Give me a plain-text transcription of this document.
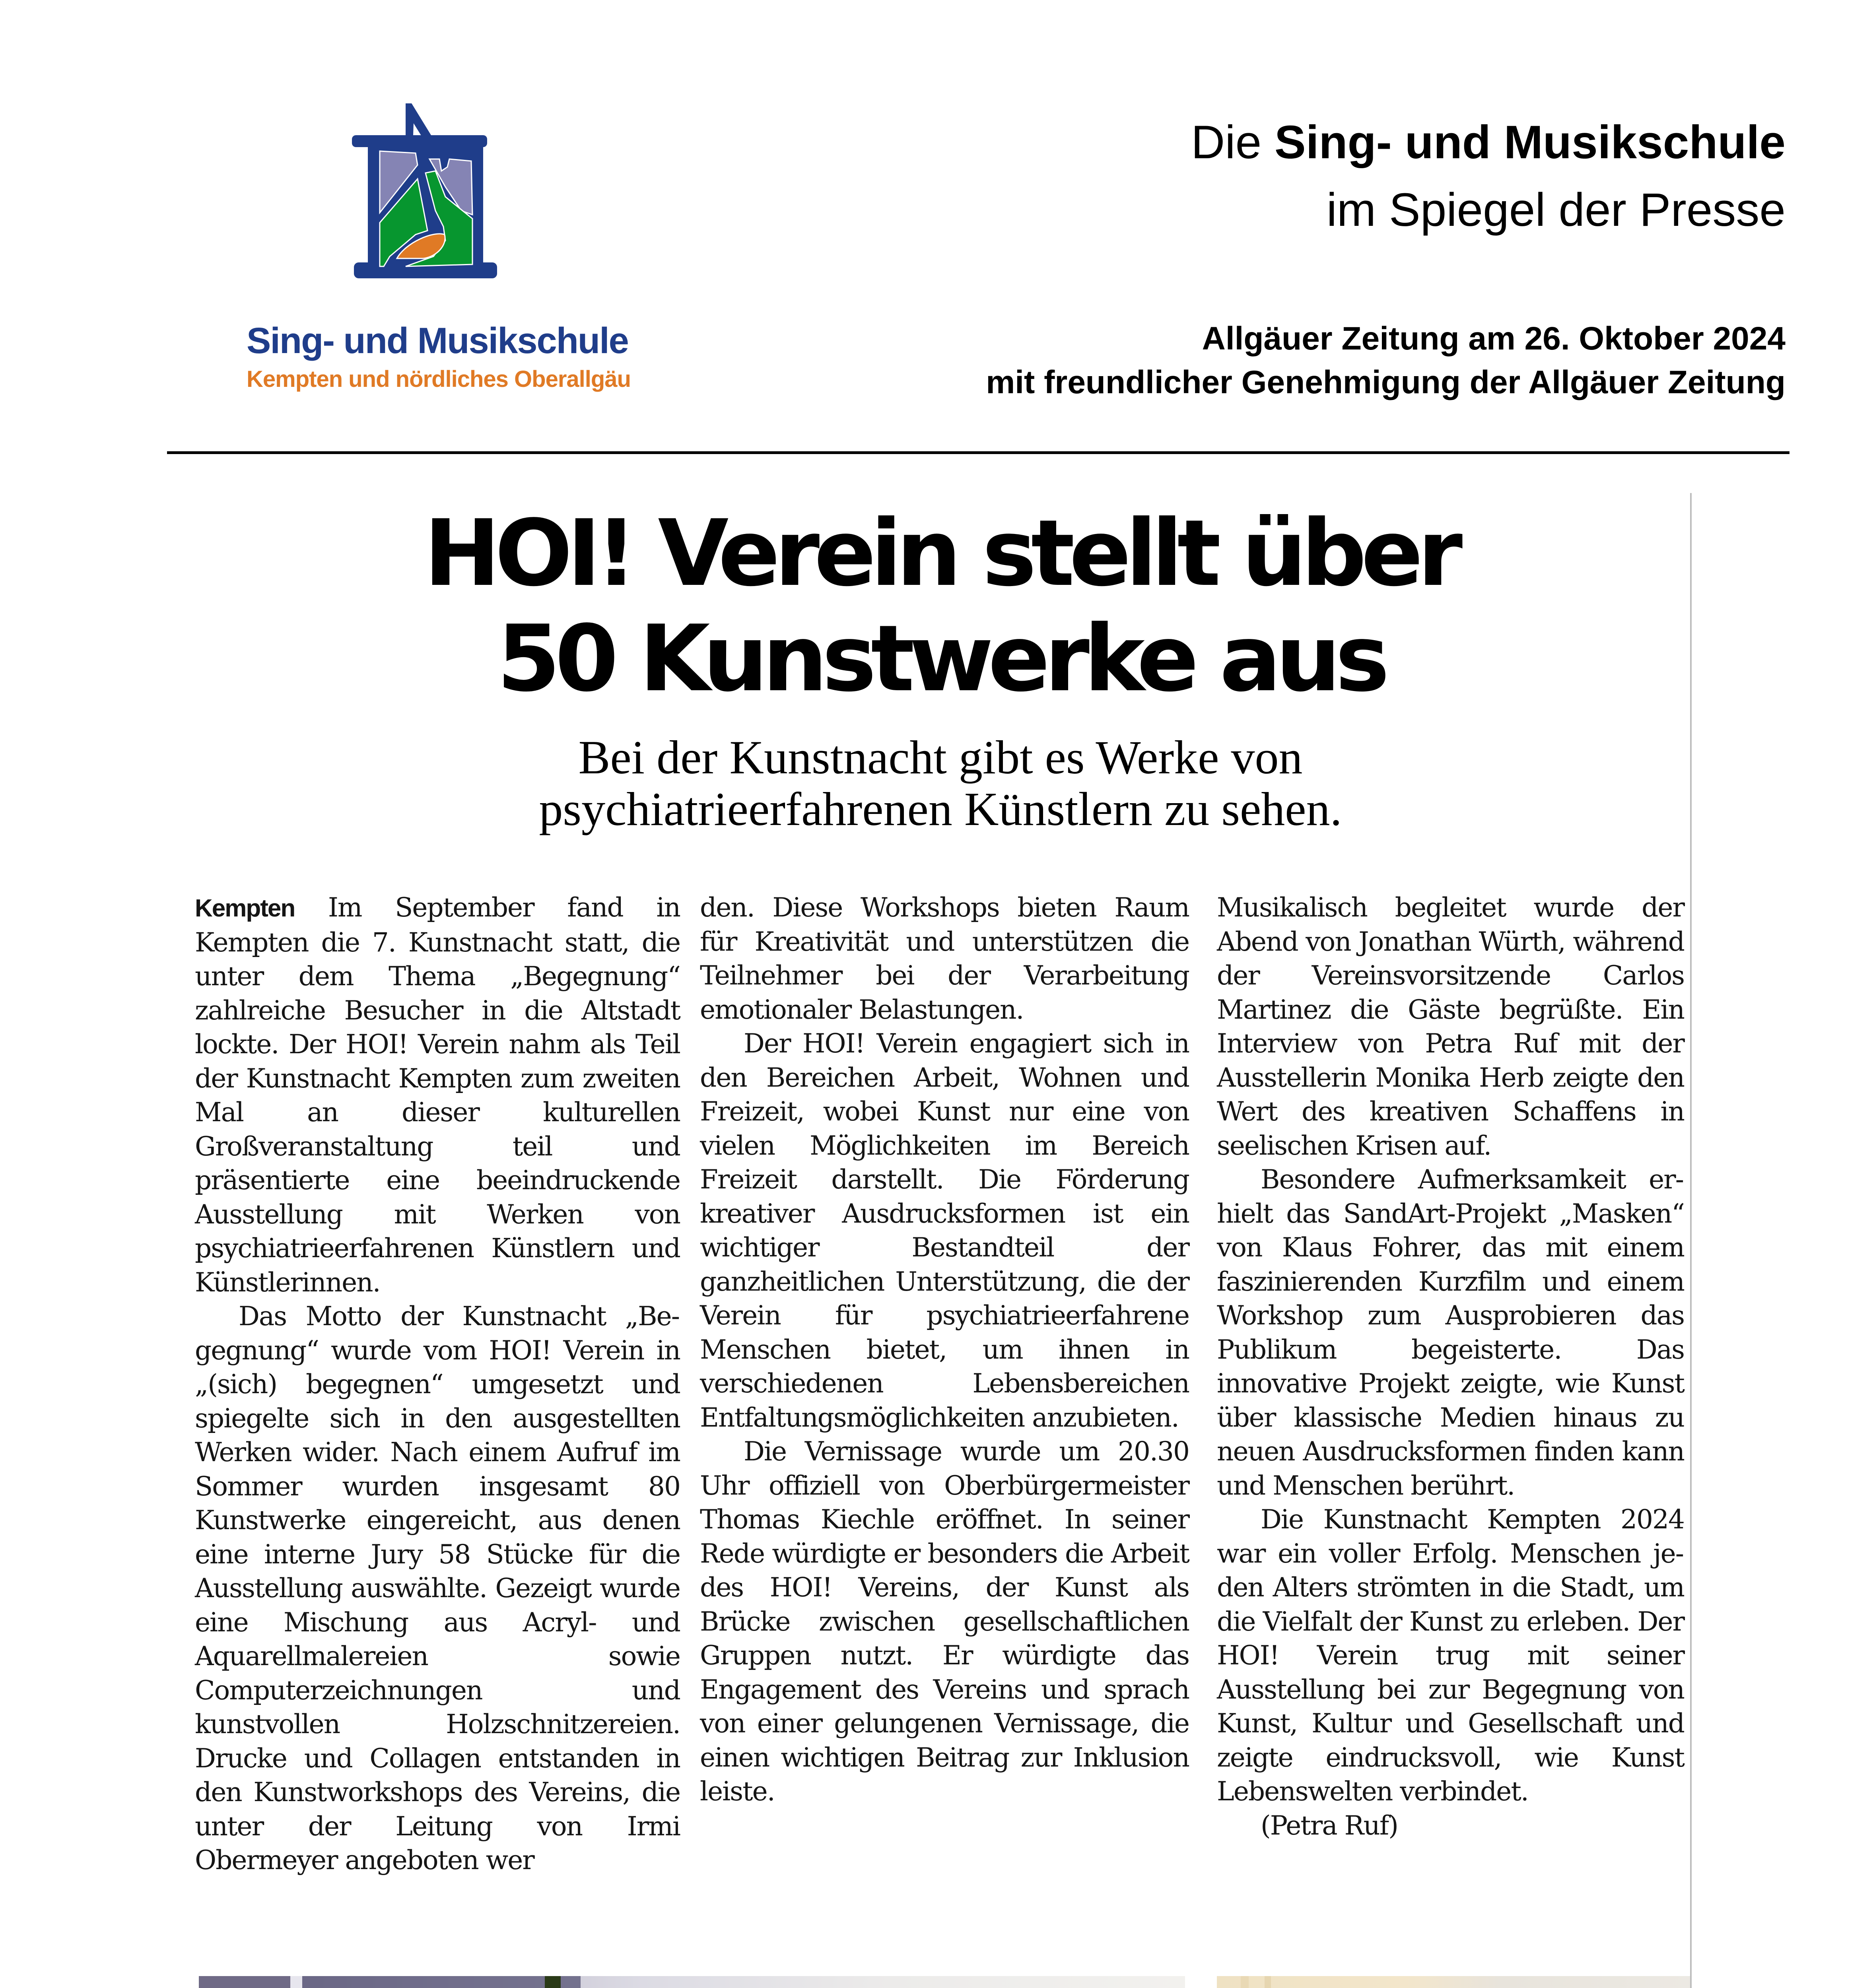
Sing- und Musikschule
Kempten und nördliches Oberallgäu
Die Sing- und Musikschule
im Spiegel der Presse
Allgäuer Zeitung am 26. Oktober 2024
mit freundlicher Genehmigung der Allgäuer Zeitung
HOI! Verein stellt über
50 Kunstwerke aus
Bei der Kunstnacht gibt es Werke von
psychiatrieerfahrenen Künstlern zu sehen.

Kempten Im September fand in Kempten die 7. Kunstnacht statt, die unter dem Thema „Begegnung“ zahlreiche Besucher in die Altstadt lockte. Der HOI! Verein nahm als Teil der Kunstnacht Kempten zum zweiten Mal an dieser kulturellen Großveranstaltung teil und präsentierte eine beeindruckende Ausstellung mit Werken von psychiatrieerfahrenen Künstlern und Künstlerinnen.

Das Motto der Kunstnacht „Begegnung“ wurde vom HOI! Verein in „(sich) begegnen“ umgesetzt und spiegelte sich in den ausgestellten Werken wider. Nach einem Aufruf im Sommer wurden insgesamt 80 Kunstwerke eingereicht, aus denen eine interne Jury 58 Stücke für die Ausstellung auswählte. Gezeigt wurde eine Mischung aus Acryl- und Aquarellmalereien sowie Computerzeichnungen und kunstvollen Holzschnitzereien. Drucke und Collagen entstanden in den Kunstworkshops des Vereins, die unter der Leitung von Irmi Obermeyer angeboten wer

den. Diese Workshops bieten Raum für Kreativität und unterstützen die Teilnehmer bei der Verarbeitung emotionaler Belastungen.

Der HOI! Verein engagiert sich in den Bereichen Arbeit, Wohnen und Freizeit, wobei Kunst nur eine von vielen Möglichkeiten im Bereich Freizeit darstellt. Die Förderung kreativer Ausdrucksformen ist ein wichtiger Bestandteil der ganzheitlichen Unterstützung, die der Verein für psychiatrieerfahrene Menschen bietet, um ihnen in verschiedenen Lebensbereichen Entfaltungsmöglichkeiten anzubieten.

Die Vernissage wurde um 20.30 Uhr offiziell von Oberbürgermeister Thomas Kiechle eröffnet. In seiner Rede würdigte er besonders die Arbeit des HOI! Vereins, der Kunst als Brücke zwischen gesellschaftlichen Gruppen nutzt. Er würdigte das Engagement des Vereins und sprach von einer gelungenen Vernissage, die einen wichtigen Beitrag zur Inklusion leiste.

Musikalisch begleitet wurde der Abend von Jonathan Würth, während der Vereinsvorsitzende Carlos Martinez die Gäste begrüßte. Ein Interview von Petra Ruf mit der Ausstellerin Monika Herb zeigte den Wert des kreativen Schaffens in seelischen Krisen auf.

Besondere Aufmerksamkeit erhielt das SandArt-Projekt „Masken“ von Klaus Fohrer, das mit einem faszinierenden Kurzfilm und einem Workshop zum Ausprobieren das Publikum begeisterte. Das innovative Projekt zeigte, wie Kunst über klassische Medien hinaus zu neuen Ausdrucksformen finden kann und Menschen berührt.

Die Kunstnacht Kempten 2024 war ein voller Erfolg. Menschen jeden Alters strömten in die Stadt, um die Vielfalt der Kunst zu erleben. Der HOI! Verein trug mit seiner Ausstellung bei zur Begegnung von Kunst, Kultur und Gesellschaft und zeigte eindrucksvoll, wie Kunst Lebenswelten verbindet.

(Petra Ruf)
